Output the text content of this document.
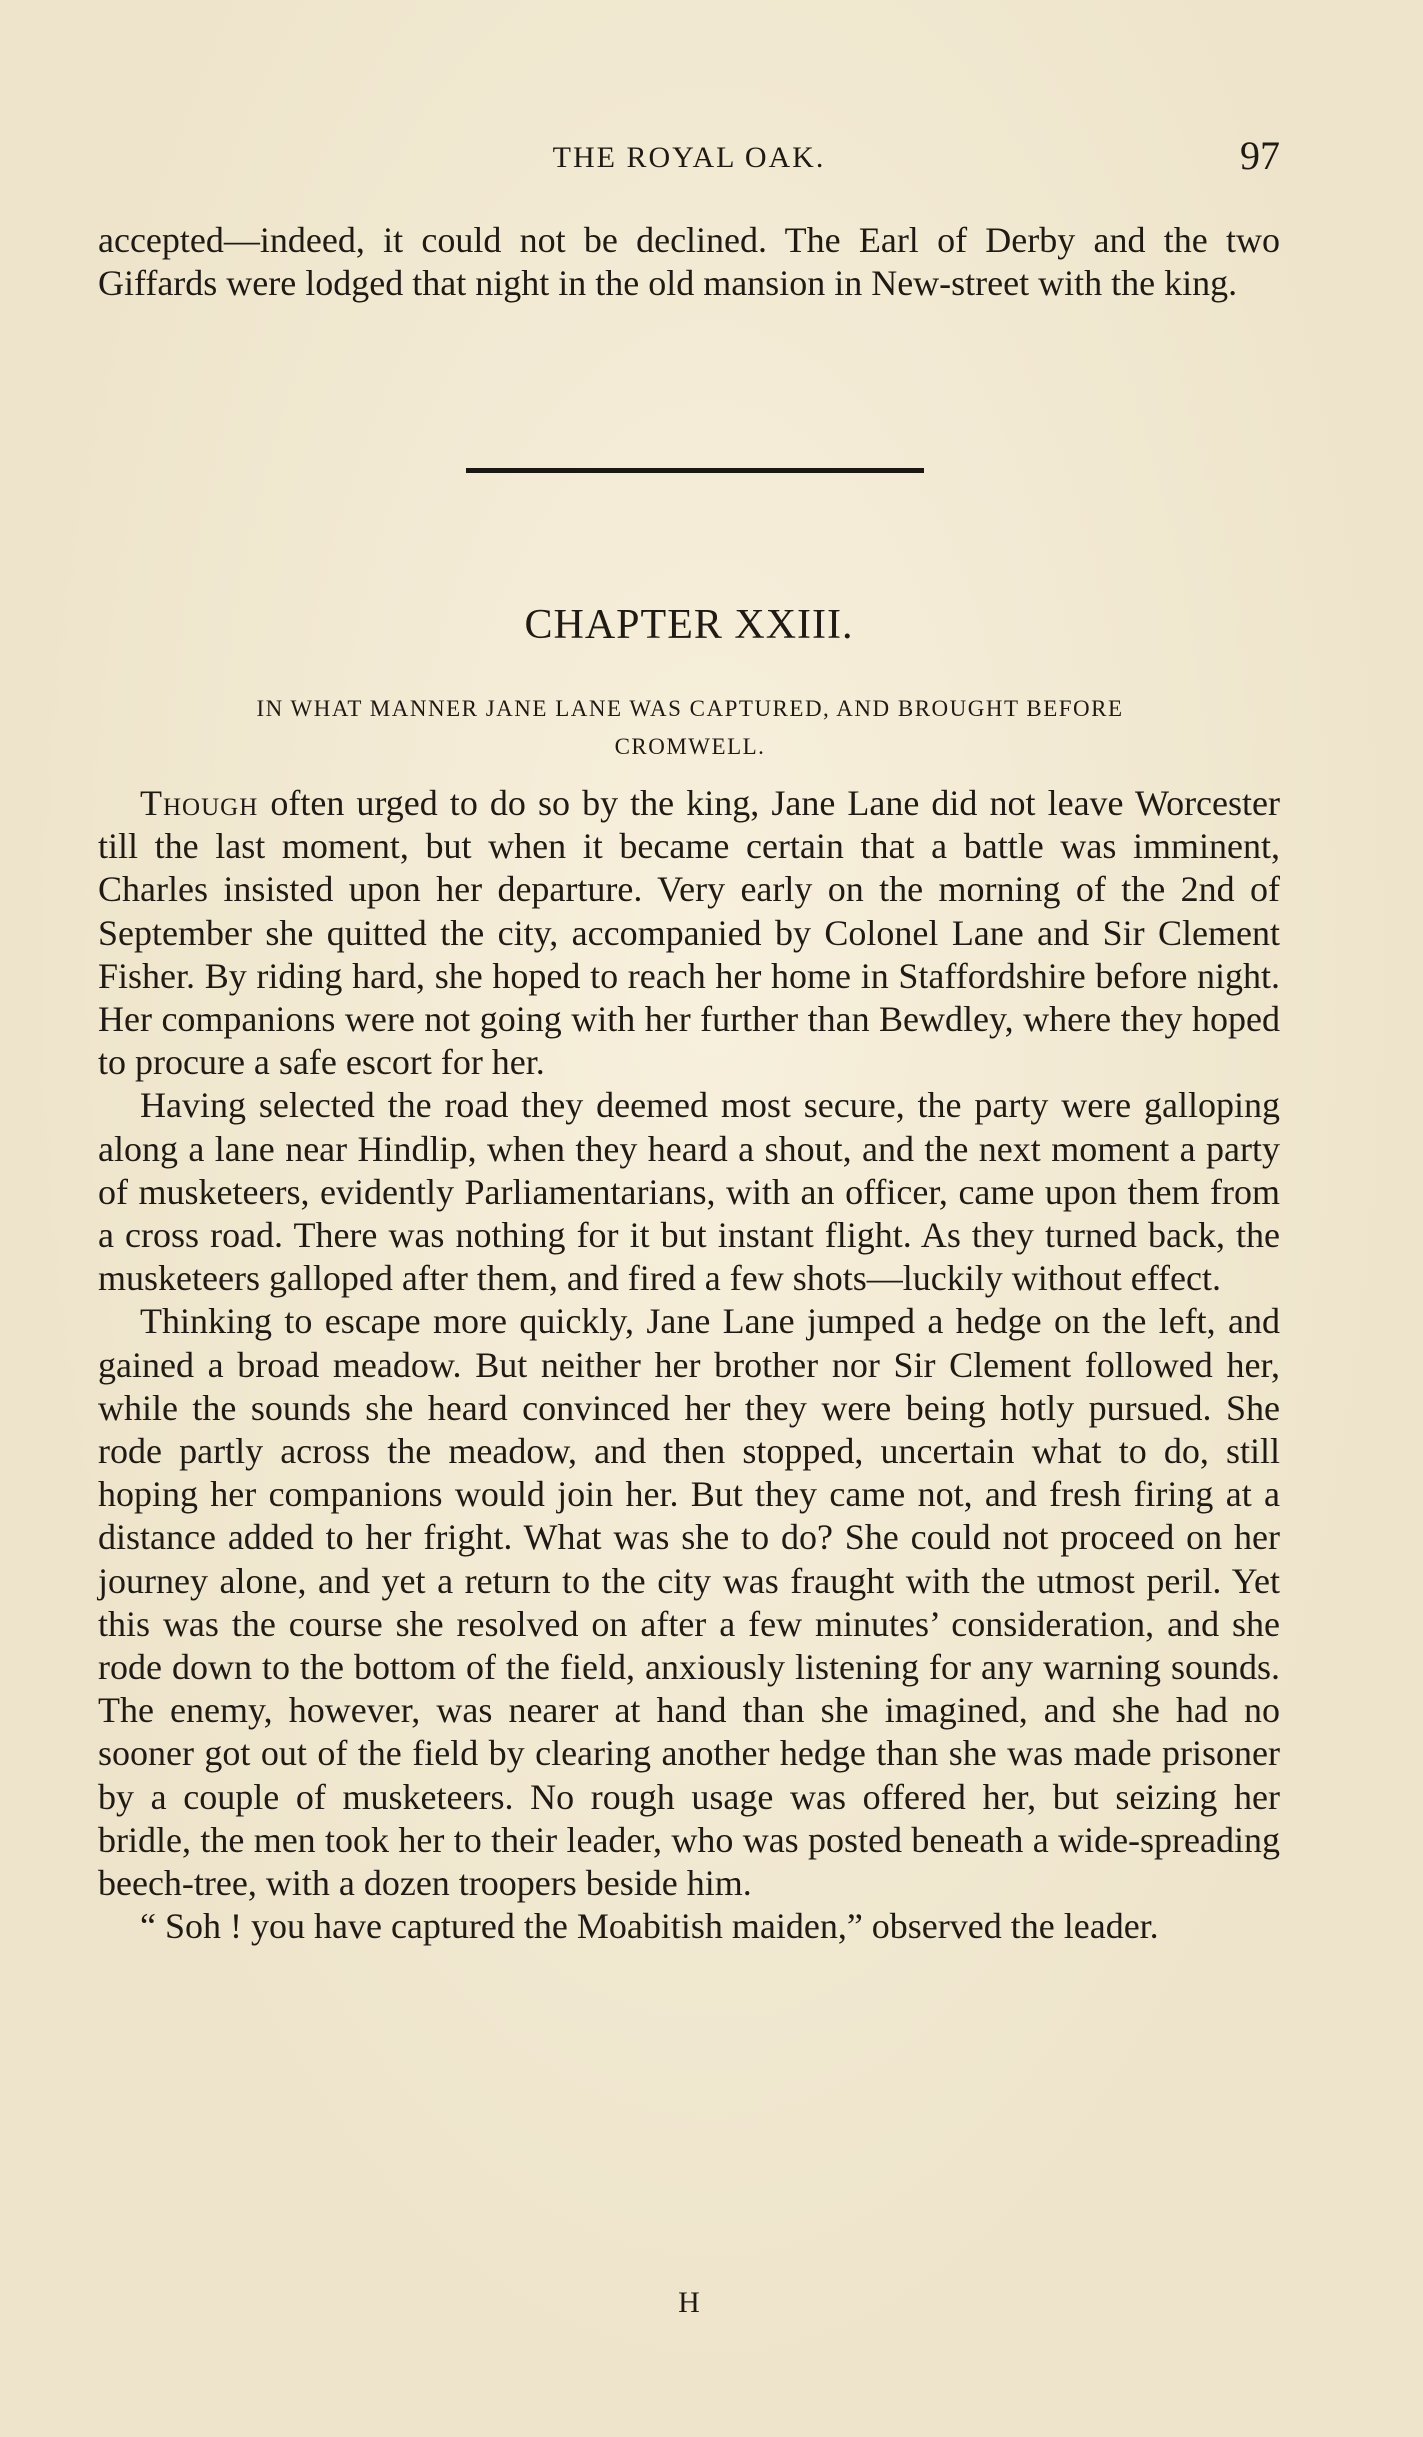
THE ROYAL OAK.	97

accepted—indeed, it could not be declined. The Earl of Derby and the two Giffards were lodged that night in the old mansion in New-street with the king.

CHAPTER XXIII.
IN WHAT MANNER JANE LANE WAS CAPTURED, AND BROUGHT BEFORE CROMWELL.

Though often urged to do so by the king, Jane Lane did not leave Worcester till the last moment, but when it became certain that a battle was imminent, Charles insisted upon her departure. Very early on the morning of the 2nd of September she quitted the city, accompanied by Colonel Lane and Sir Clement Fisher. By riding hard, she hoped to reach her home in Staffordshire before night. Her companions were not going with her further than Bewdley, where they hoped to procure a safe escort for her.

Having selected the road they deemed most secure, the party were galloping along a lane near Hindlip, when they heard a shout, and the next moment a party of musketeers, evidently Parliamentarians, with an officer, came upon them from a cross road. There was nothing for it but instant flight. As they turned back, the musketeers galloped after them, and fired a few shots—luckily without effect.

Thinking to escape more quickly, Jane Lane jumped a hedge on the left, and gained a broad meadow. But neither her brother nor Sir Clement followed her, while the sounds she heard convinced her they were being hotly pursued. She rode partly across the meadow, and then stopped, uncertain what to do, still hoping her companions would join her. But they came not, and fresh firing at a distance added to her fright. What was she to do? She could not proceed on her journey alone, and yet a return to the city was fraught with the utmost peril. Yet this was the course she resolved on after a few minutes’ consideration, and she rode down to the bottom of the field, anxiously listening for any warning sounds. The enemy, however, was nearer at hand than she imagined, and she had no sooner got out of the field by clearing another hedge than she was made prisoner by a couple of musketeers. No rough usage was offered her, but seizing her bridle, the men took her to their leader, who was posted beneath a wide-spreading beech-tree, with a dozen troopers beside him.

“ Soh ! you have captured the Moabitish maiden,” observed the leader.

H
